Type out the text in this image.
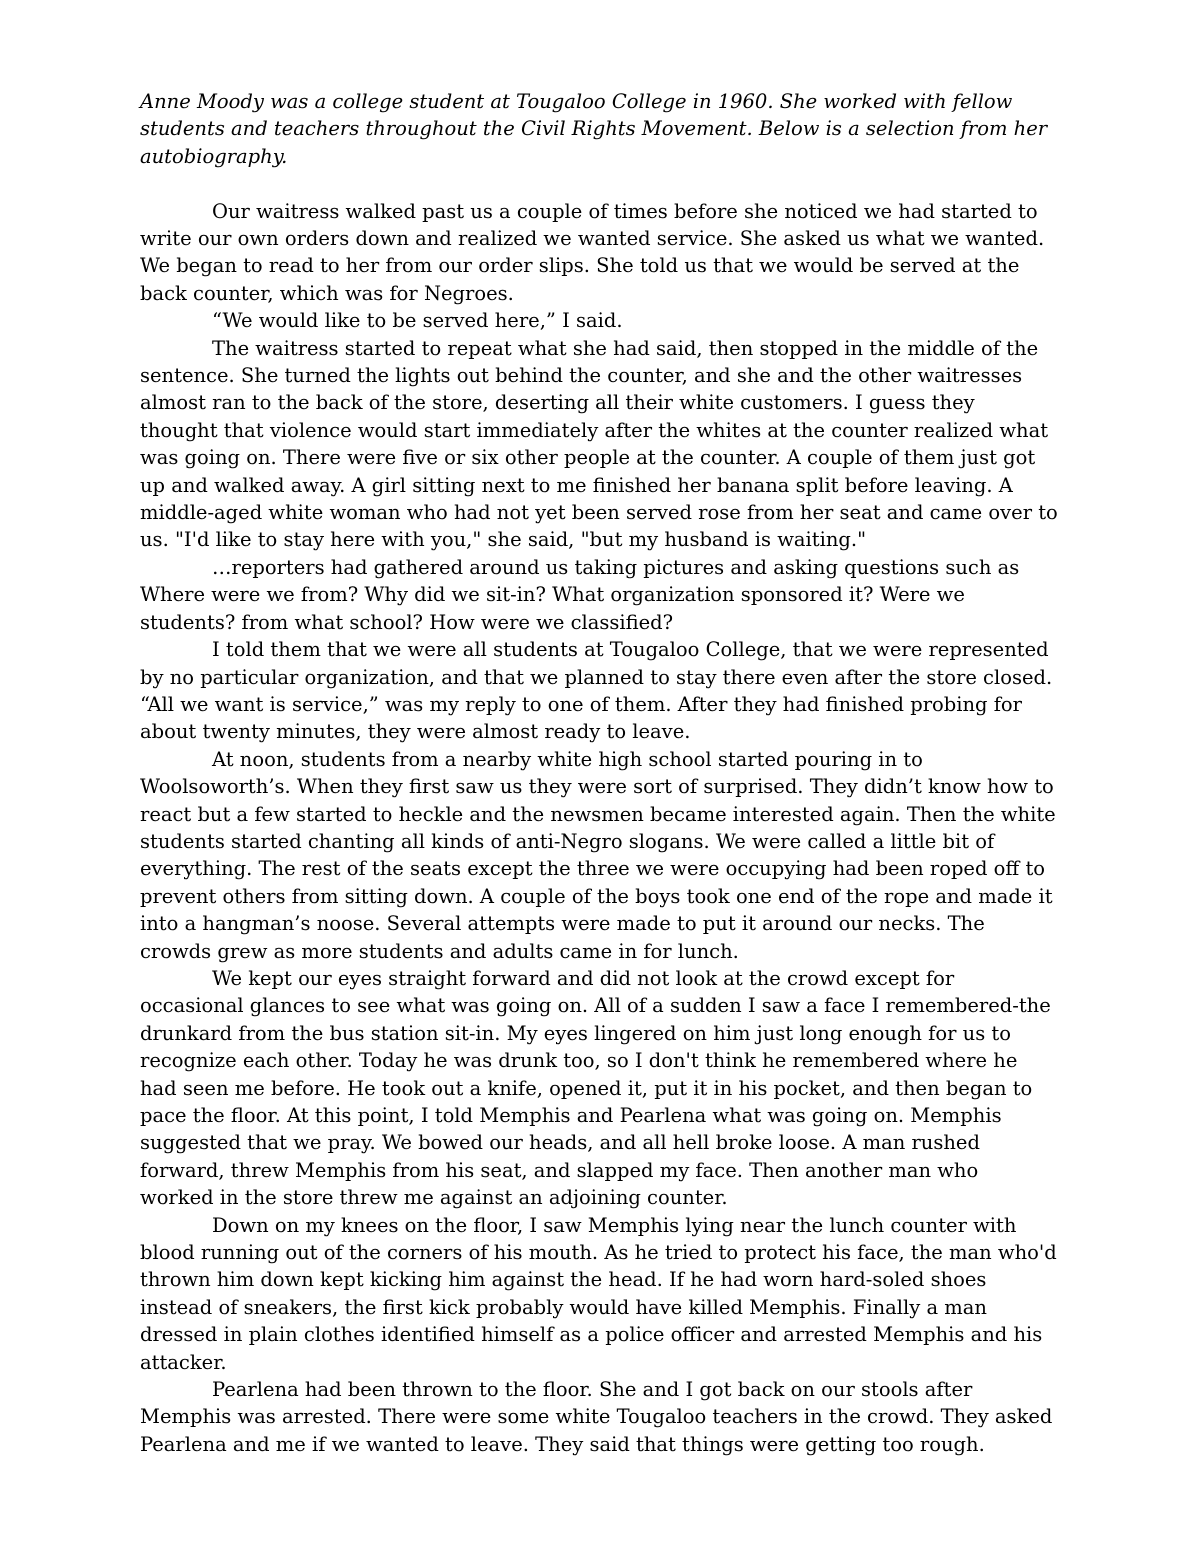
Anne Moody was a college student at Tougaloo College in 1960. She worked with fellow students and teachers throughout the Civil Rights Movement. Below is a selection from her autobiography.

Our waitress walked past us a couple of times before she noticed we had started to write our own orders down and realized we wanted service. She asked us what we wanted. We began to read to her from our order slips. She told us that we would be served at the back counter, which was for Negroes.

“We would like to be served here,” I said.

The waitress started to repeat what she had said, then stopped in the middle of the sentence. She turned the lights out behind the counter, and she and the other waitresses almost ran to the back of the store, deserting all their white customers. I guess they thought that violence would start immediately after the whites at the counter realized what was going on. There were five or six other people at the counter. A couple of them just got up and walked away. A girl sitting next to me finished her banana split before leaving. A middle-aged white woman who had not yet been served rose from her seat and came over to us. "I'd like to stay here with you," she said, "but my husband is waiting."

…reporters had gathered around us taking pictures and asking questions such as Where were we from? Why did we sit-in? What organization sponsored it? Were we students? from what school? How were we classified?

I told them that we were all students at Tougaloo College, that we were represented by no particular organization, and that we planned to stay there even after the store closed. “All we want is service,” was my reply to one of them. After they had finished probing for about twenty minutes, they were almost ready to leave.

At noon, students from a nearby white high school started pouring in to Woolsoworth’s. When they first saw us they were sort of surprised. They didn’t know how to react but a few started to heckle and the newsmen became interested again. Then the white students started chanting all kinds of anti-Negro slogans. We were called a little bit of everything. The rest of the seats except the three we were occupying had been roped off to prevent others from sitting down. A couple of the boys took one end of the rope and made it into a hangman’s noose. Several attempts were made to put it around our necks. The crowds grew as more students and adults came in for lunch.

We kept our eyes straight forward and did not look at the crowd except for occasional glances to see what was going on. All of a sudden I saw a face I remembered-the drunkard from the bus station sit-in. My eyes lingered on him just long enough for us to recognize each other. Today he was drunk too, so I don't think he remembered where he had seen me before. He took out a knife, opened it, put it in his pocket, and then began to pace the floor. At this point, I told Memphis and Pearlena what was going on. Memphis suggested that we pray. We bowed our heads, and all hell broke loose. A man rushed forward, threw Memphis from his seat, and slapped my face. Then another man who worked in the store threw me against an adjoining counter.

Down on my knees on the floor, I saw Memphis lying near the lunch counter with blood running out of the corners of his mouth. As he tried to protect his face, the man who'd thrown him down kept kicking him against the head. If he had worn hard-soled shoes instead of sneakers, the first kick probably would have killed Memphis. Finally a man dressed in plain clothes identified himself as a police officer and arrested Memphis and his attacker.

Pearlena had been thrown to the floor. She and I got back on our stools after Memphis was arrested. There were some white Tougaloo teachers in the crowd. They asked Pearlena and me if we wanted to leave. They said that things were getting too rough.
